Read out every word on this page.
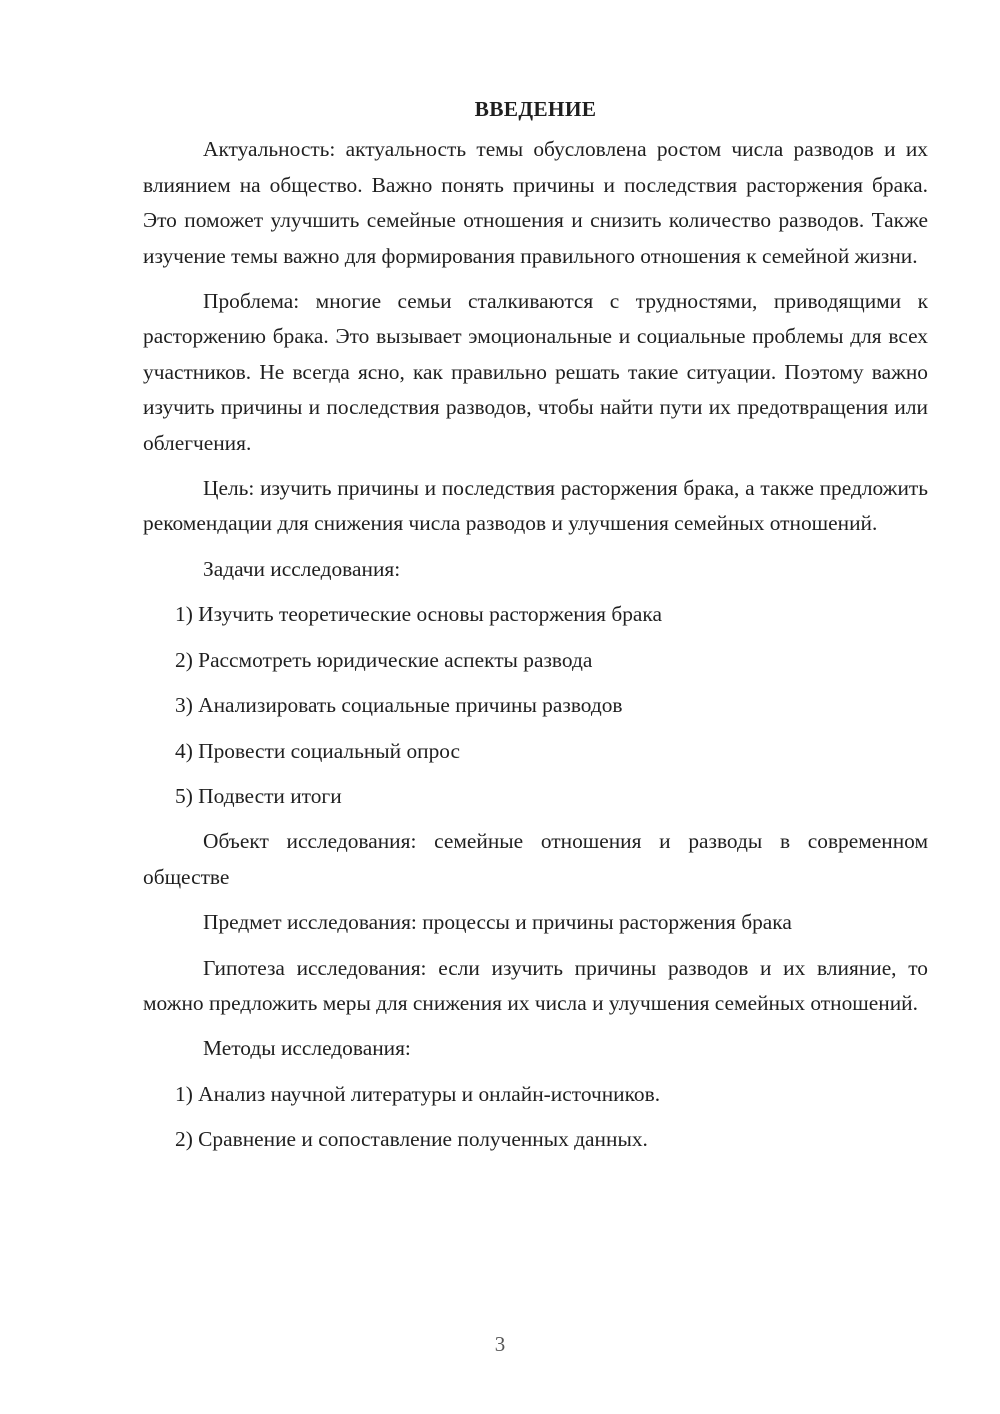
ВВЕДЕНИЕ

Актуальность: актуальность темы обусловлена ростом числа разводов и их влиянием на общество. Важно понять причины и последствия расторжения брака. Это поможет улучшить семейные отношения и снизить количество разводов. Также изучение темы важно для формирования правильного отношения к семейной жизни.

Проблема: многие семьи сталкиваются с трудностями, приводящими к расторжению брака. Это вызывает эмоциональные и социальные проблемы для всех участников. Не всегда ясно, как правильно решать такие ситуации. Поэтому важно изучить причины и последствия разводов, чтобы найти пути их предотвращения или облегчения.

Цель: изучить причины и последствия расторжения брака, а также предложить рекомендации для снижения числа разводов и улучшения семейных отношений.

Задачи исследования:

1) Изучить теоретические основы расторжения брака
2) Рассмотреть юридические аспекты развода
3) Анализировать социальные причины разводов
4) Провести социальный опрос
5) Подвести итоги

Объект исследования: семейные отношения и разводы в современном обществе

Предмет исследования: процессы и причины расторжения брака

Гипотеза исследования: если изучить причины разводов и их влияние, то можно предложить меры для снижения их числа и улучшения семейных отношений.

Методы исследования:

1) Анализ научной литературы и онлайн-источников.
2) Сравнение и сопоставление полученных данных.
3
